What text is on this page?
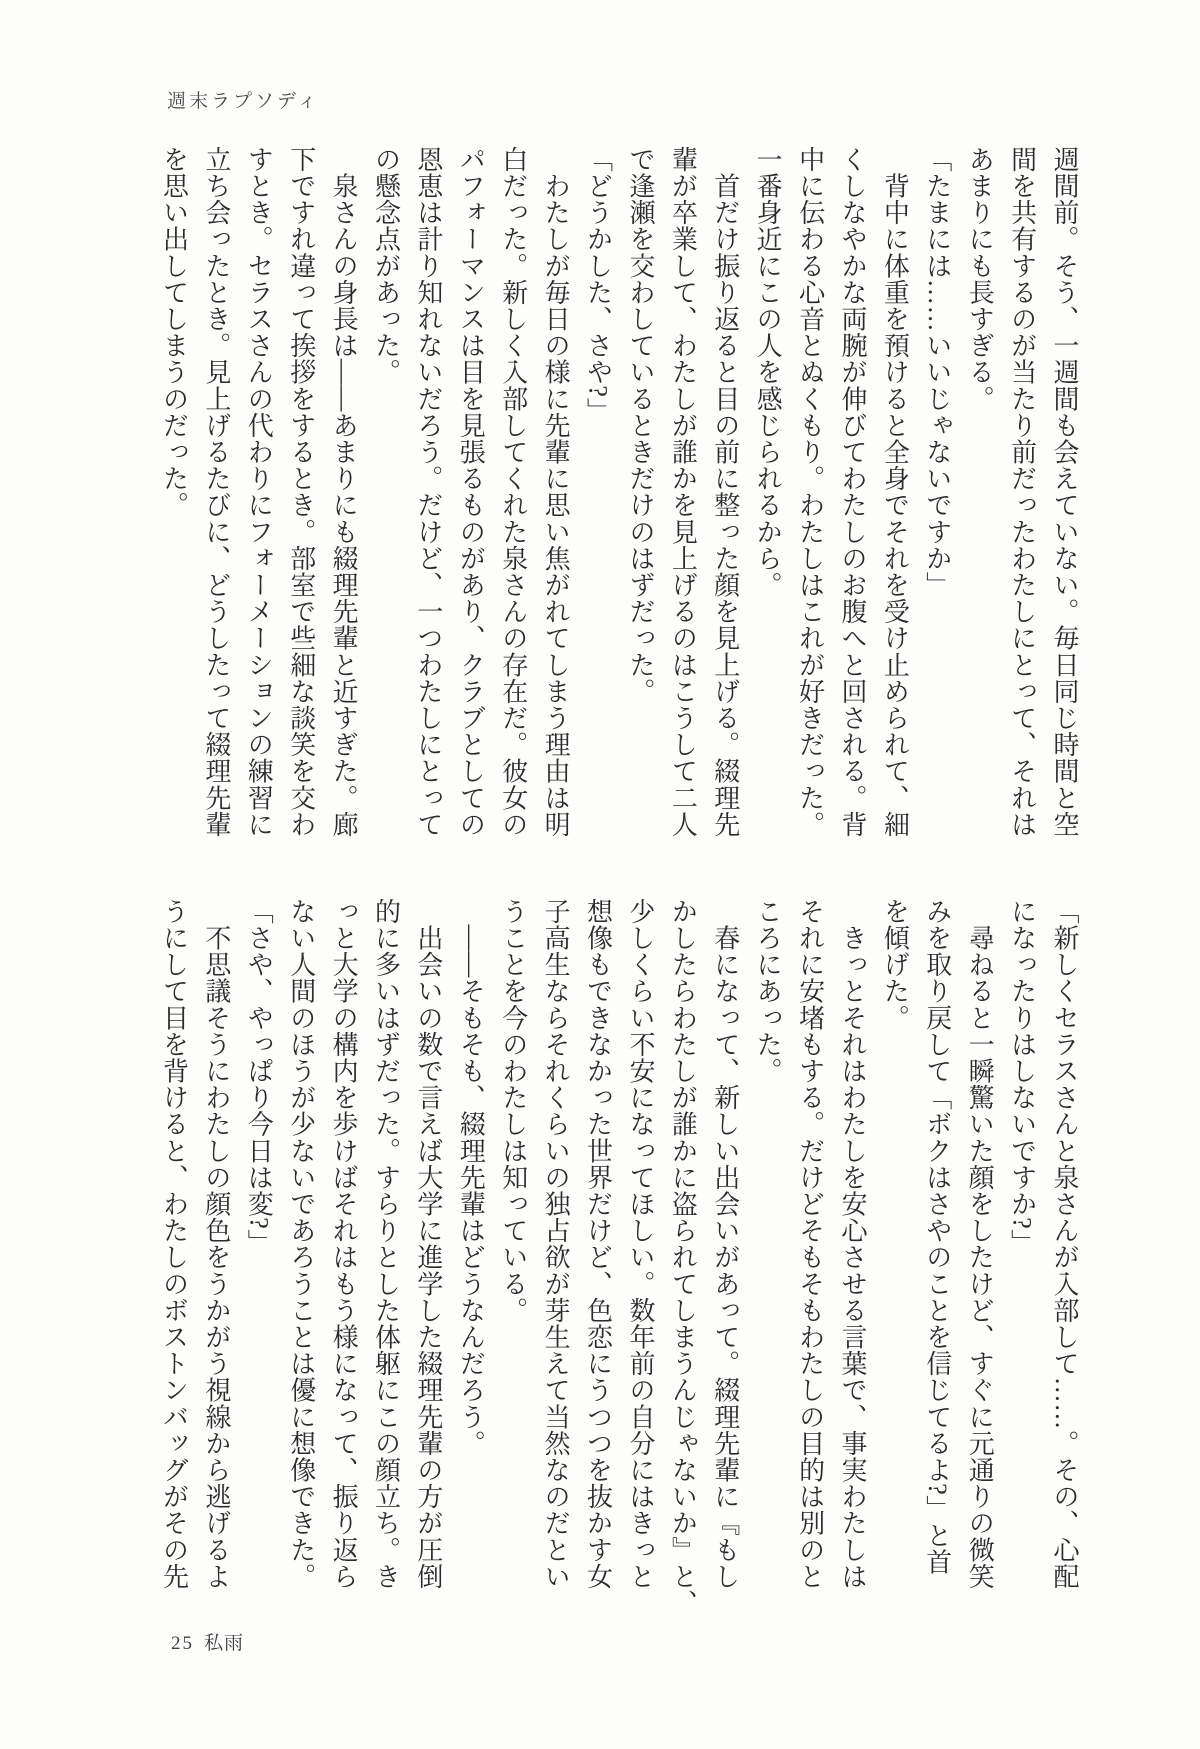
週末ラプソディ
週間前。そう、一週間も会えていない。毎日同じ時間と空
間を共有するのが当たり前だったわたしにとって、それは
あまりにも長すぎる。
「たまには……いいじゃないですか」
　背中に体重を預けると全身でそれを受け止められて、細
くしなやかな両腕が伸びてわたしのお腹へと回される。背
中に伝わる心音とぬくもり。わたしはこれが好きだった。
一番身近にこの人を感じられるから。
　首だけ振り返ると目の前に整った顔を見上げる。綴理先
輩が卒業して、わたしが誰かを見上げるのはこうして二人
で逢瀬を交わしているときだけのはずだった。
「どうかした、さや?」
　わたしが毎日の様に先輩に思い焦がれてしまう理由は明
白だった。新しく入部してくれた泉さんの存在だ。彼女の
パフォーマンスは目を見張るものがあり、クラブとしての
恩恵は計り知れないだろう。だけど、一つわたしにとって
の懸念点があった。
　泉さんの身長は――あまりにも綴理先輩と近すぎた。廊
下ですれ違って挨拶をするとき。部室で些細な談笑を交わ
すとき。セラスさんの代わりにフォーメーションの練習に
立ち会ったとき。見上げるたびに、どうしたって綴理先輩
を思い出してしまうのだった。
「新しくセラスさんと泉さんが入部して……。その、心配
になったりはしないですか?」
　尋ねると一瞬驚いた顔をしたけど、すぐに元通りの微笑
みを取り戻して「ボクはさやのことを信じてるよ?」と首
を傾げた。
　きっとそれはわたしを安心させる言葉で、事実わたしは
それに安堵もする。だけどそもそもわたしの目的は別のと
ころにあった。
　春になって、新しい出会いがあって。綴理先輩に『もし
かしたらわたしが誰かに盗られてしまうんじゃないか』と、
少しくらい不安になってほしい。数年前の自分にはきっと
想像もできなかった世界だけど、色恋にうつつを抜かす女
子高生ならそれくらいの独占欲が芽生えて当然なのだとい
うことを今のわたしは知っている。
　――そもそも、綴理先輩はどうなんだろう。
　出会いの数で言えば大学に進学した綴理先輩の方が圧倒
的に多いはずだった。すらりとした体躯にこの顔立ち。き
っと大学の構内を歩けばそれはもう様になって、振り返ら
ない人間のほうが少ないであろうことは優に想像できた。
「さや、やっぱり今日は変?」
　不思議そうにわたしの顔色をうかがう視線から逃げるよ
うにして目を背けると、わたしのボストンバッグがその先
25 私雨
